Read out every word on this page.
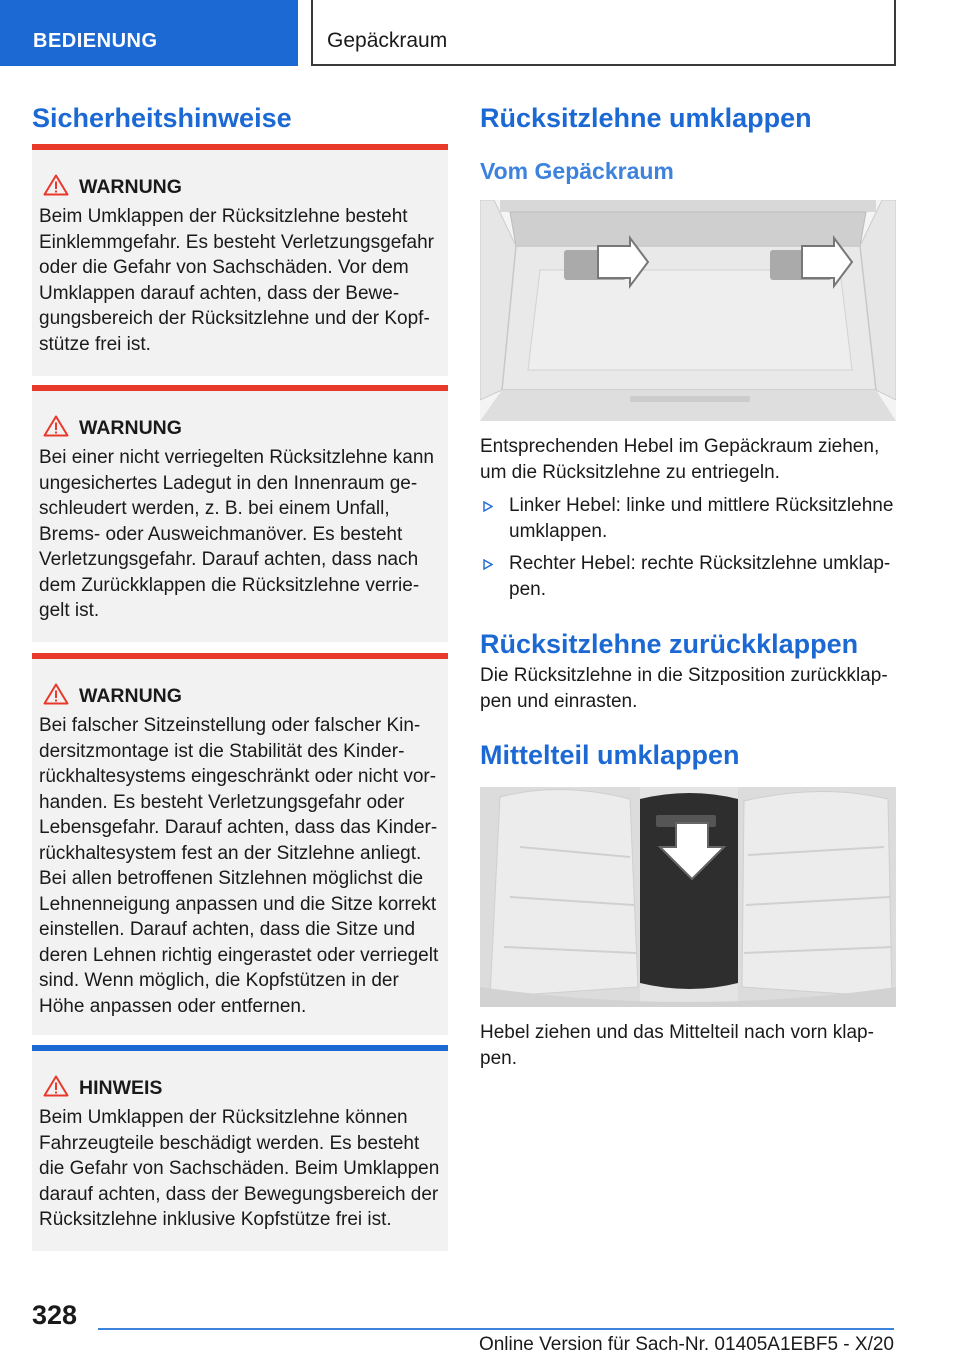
BEDIENUNG	Gepäckraum
Sicherheitshinweise
WARNUNG

Beim Umklappen der Rücksitzlehne besteht Einklemmgefahr. Es besteht Verletzungsgefahr oder die Gefahr von Sachschäden. Vor dem Umklappen darauf achten, dass der Bewegungsbereich der Rücksitzlehne und der Kopfstütze frei ist.

WARNUNG

Bei einer nicht verriegelten Rücksitzlehne kann ungesichertes Ladegut in den Innenraum geschleudert werden, z. B. bei einem Unfall, Brems- oder Ausweichmanöver. Es besteht Verletzungsgefahr. Darauf achten, dass nach dem Zurückklappen die Rücksitzlehne verriegelt ist.

WARNUNG

Bei falscher Sitzeinstellung oder falscher Kindersitzmontage ist die Stabilität des Kinderrückhaltesystems eingeschränkt oder nicht vorhanden. Es besteht Verletzungsgefahr oder Lebensgefahr. Darauf achten, dass das Kinderrückhaltesystem fest an der Sitzlehne anliegt. Bei allen betroffenen Sitzlehnen möglichst die Lehnenneigung anpassen und die Sitze korrekt einstellen. Darauf achten, dass die Sitze und deren Lehnen richtig eingerastet oder verriegelt sind. Wenn möglich, die Kopfstützen in der Höhe anpassen oder entfernen.

HINWEIS

Beim Umklappen der Rücksitzlehne können Fahrzeugteile beschädigt werden. Es besteht die Gefahr von Sachschäden. Beim Umklappen darauf achten, dass der Bewegungsbereich der Rücksitzlehne inklusive Kopfstütze frei ist.

Rücksitzlehne umklappen
Vom Gepäckraum

Entsprechenden Hebel im Gepäckraum ziehen, um die Rücksitzlehne zu entriegeln.

Linker Hebel: linke und mittlere Rücksitzlehne umklappen.
Rechter Hebel: rechte Rücksitzlehne umklappen.
Rücksitzlehne zurückklappen

Die Rücksitzlehne in die Sitzposition zurückklappen und einrasten.

Mittelteil umklappen

Hebel ziehen und das Mittelteil nach vorn klappen.

328
Online Version für Sach-Nr. 01405A1EBF5 - X/20
